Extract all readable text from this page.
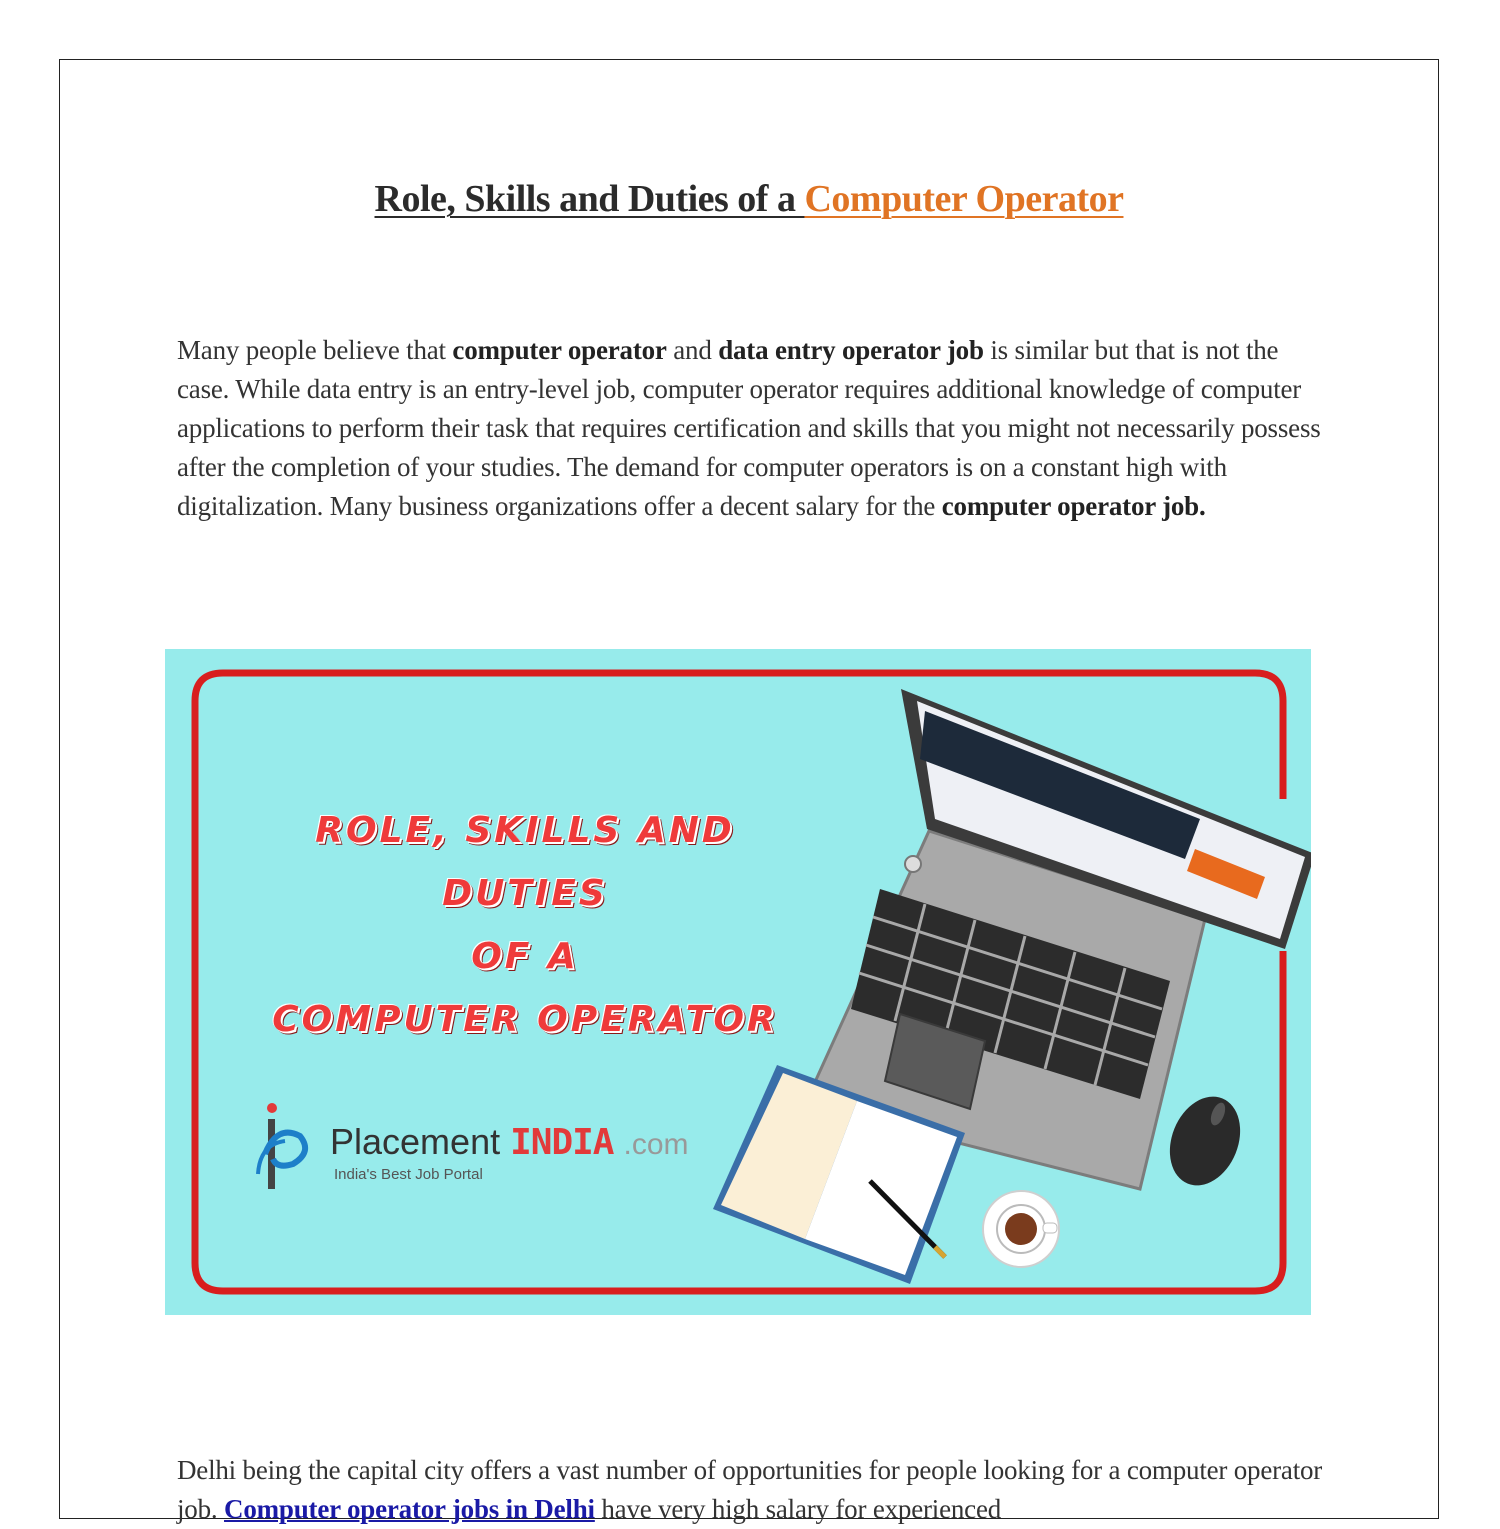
Role, Skills and Duties of a Computer Operator

Many people believe that computer operator and data entry operator job is similar but that is not the case. While data entry is an entry-level job, computer operator requires additional knowledge of computer applications to perform their task that requires certification and skills that you might not necessarily possess after the completion of your studies. The demand for computer operators is on a constant high with digitalization. Many business organizations offer a decent salary for the computer operator job.

ROLE, SKILLS AND DUTIES
OF A
COMPUTER OPERATOR
Placement INDIA .com
India's Best Job Portal

Delhi being the capital city offers a vast number of opportunities for people looking for a computer operator job. Computer operator jobs in Delhi have very high salary for experienced
